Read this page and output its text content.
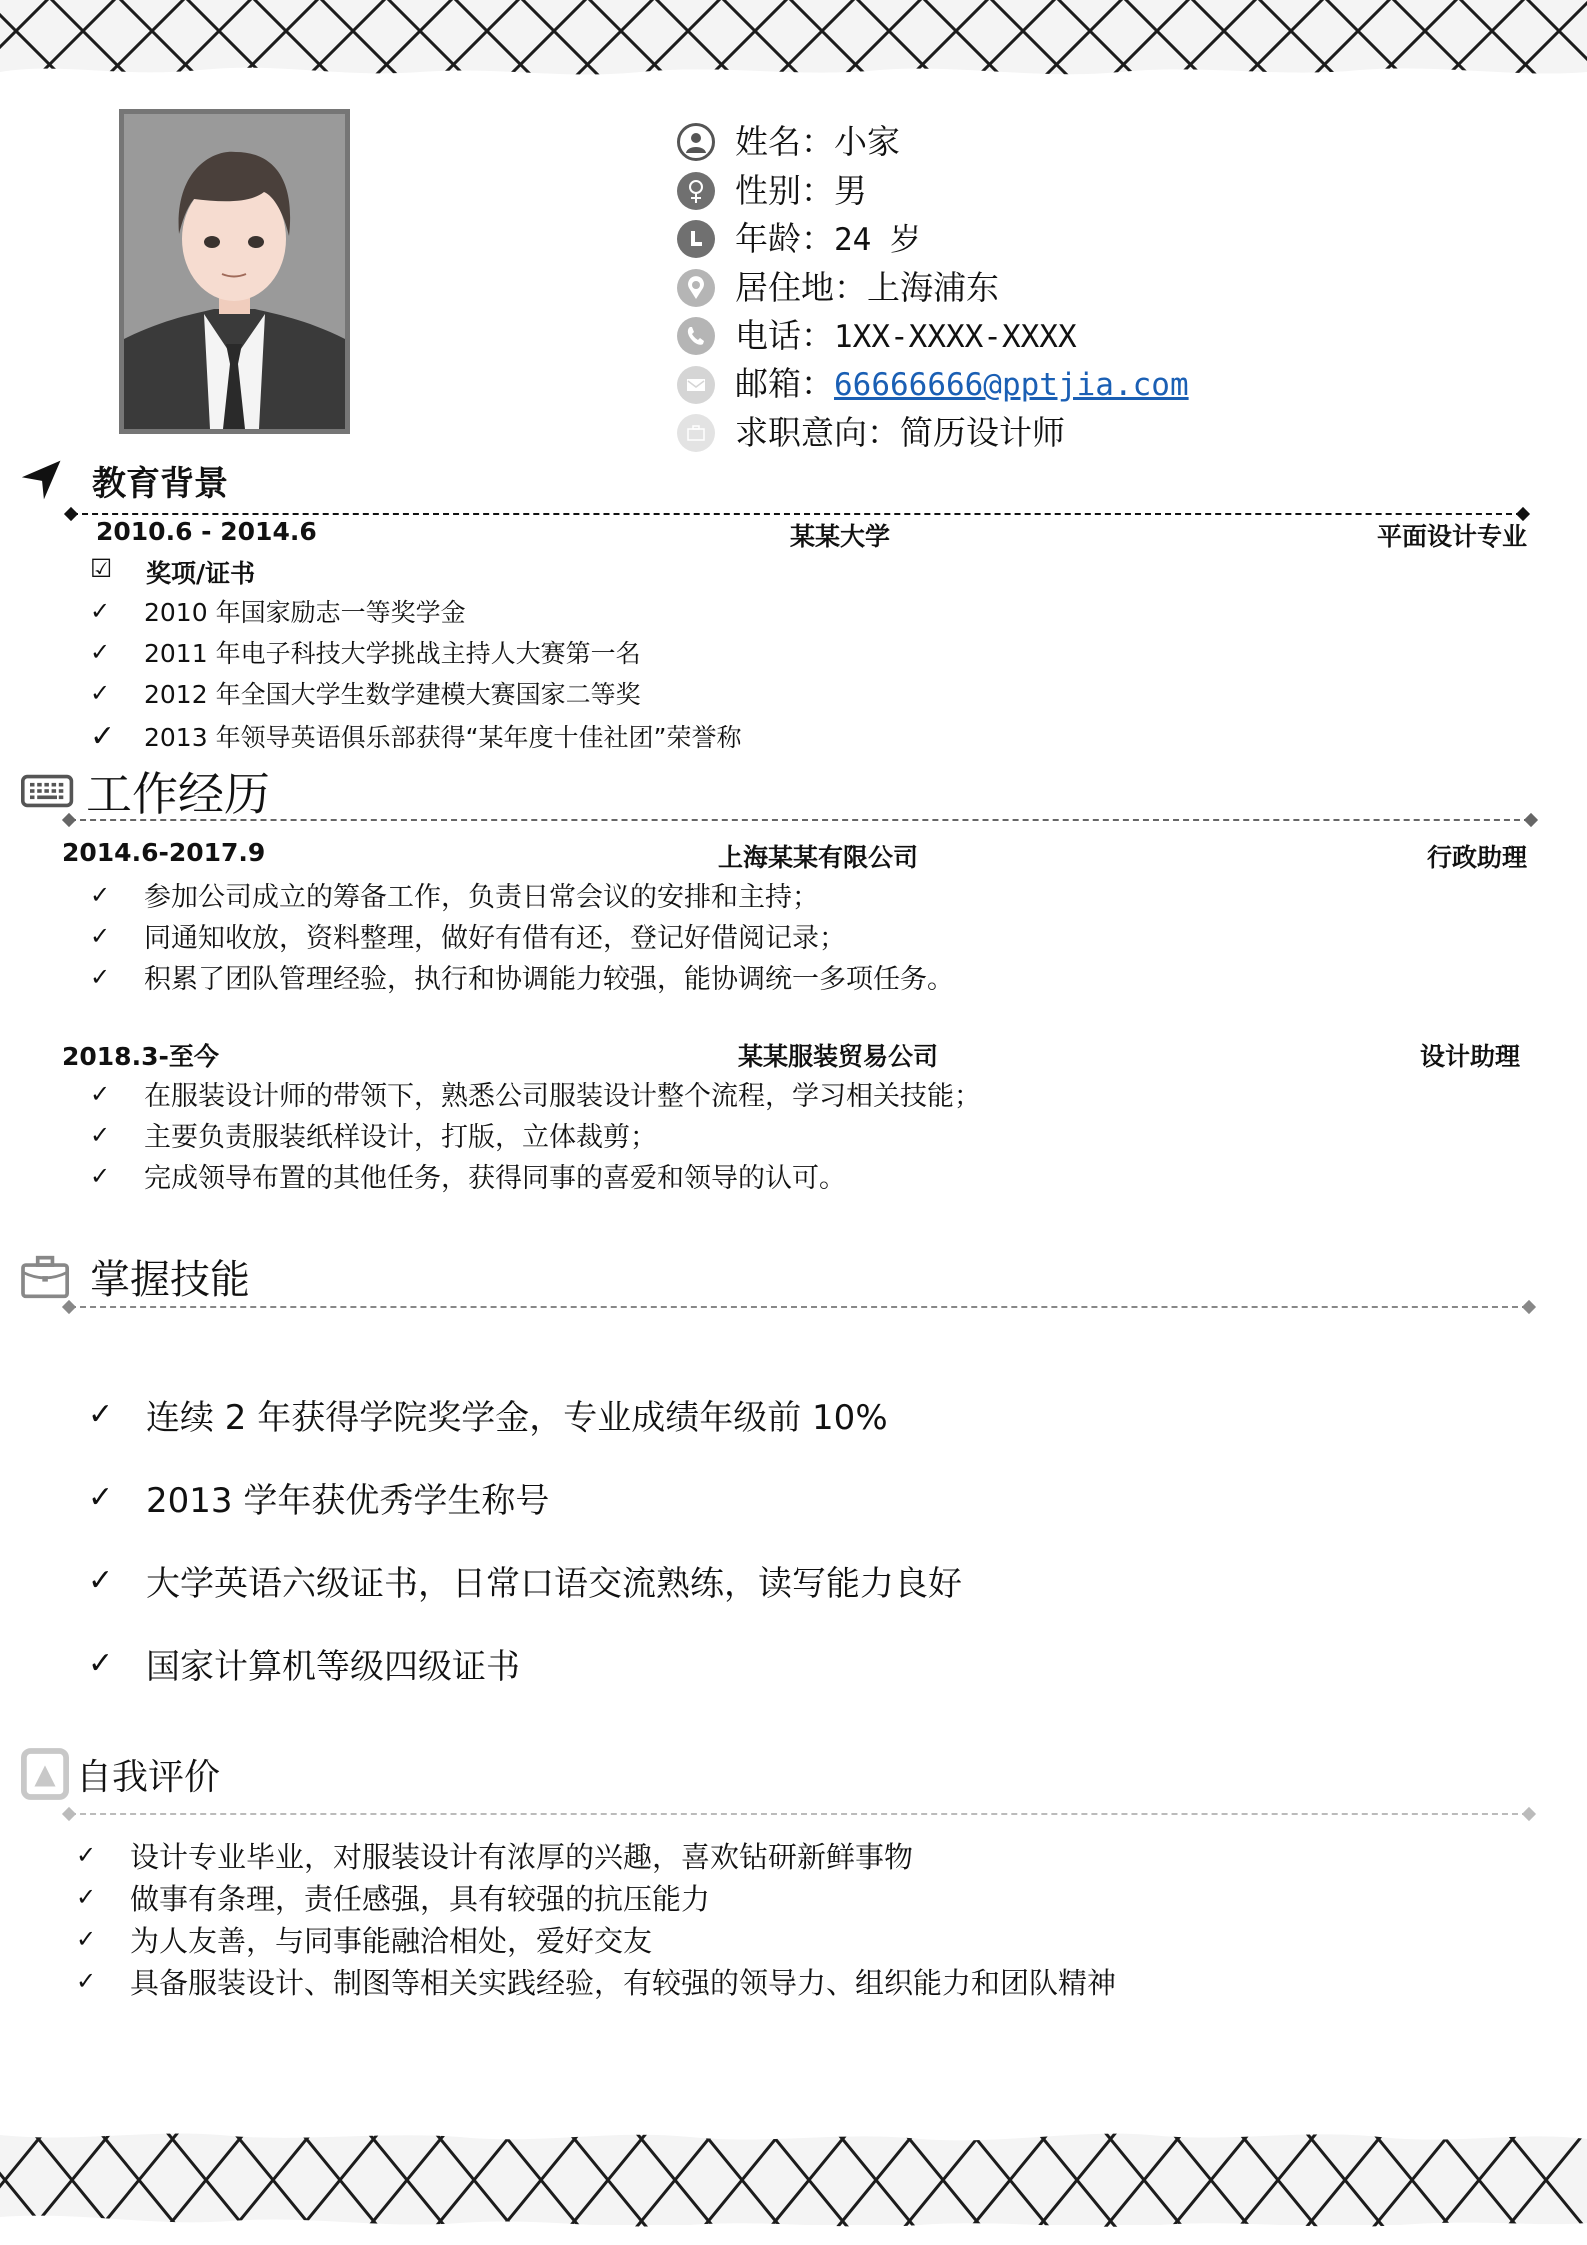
姓名：小家
性别：男
年龄：24 岁
居住地：上海浦东
电话：1XX-XXXX-XXXX
邮箱：66666666@pptjia.com
求职意向：简历设计师
教育背景
2010.6 - 2014.6	某某大学	平面设计专业
☑ 奖项/证书
✓	2010 年国家励志一等奖学金
✓	2011 年电子科技大学挑战主持人大赛第一名
✓	2012 年全国大学生数学建模大赛国家二等奖
✓	2013 年领导英语俱乐部获得“某年度十佳社团”荣誉称
工作经历
2014.6-2017.9	上海某某有限公司	行政助理
✓	参加公司成立的筹备工作，负责日常会议的安排和主持；
✓	同通知收放，资料整理，做好有借有还，登记好借阅记录；
✓	积累了团队管理经验，执行和协调能力较强，能协调统一多项任务。
2018.3-至今	某某服装贸易公司	设计助理
✓	在服装设计师的带领下，熟悉公司服装设计整个流程，学习相关技能；
✓	主要负责服装纸样设计，打版，立体裁剪；
✓	完成领导布置的其他任务，获得同事的喜爱和领导的认可。
掌握技能
✓ 连续 2 年获得学院奖学金，专业成绩年级前 10%
✓ 2013 学年获优秀学生称号
✓ 大学英语六级证书，日常口语交流熟练，读写能力良好
✓ 国家计算机等级四级证书
自我评价
✓	设计专业毕业，对服装设计有浓厚的兴趣，喜欢钻研新鲜事物
✓	做事有条理，责任感强，具有较强的抗压能力
✓	为人友善，与同事能融洽相处，爱好交友
✓	具备服装设计、制图等相关实践经验，有较强的领导力、组织能力和团队精神
